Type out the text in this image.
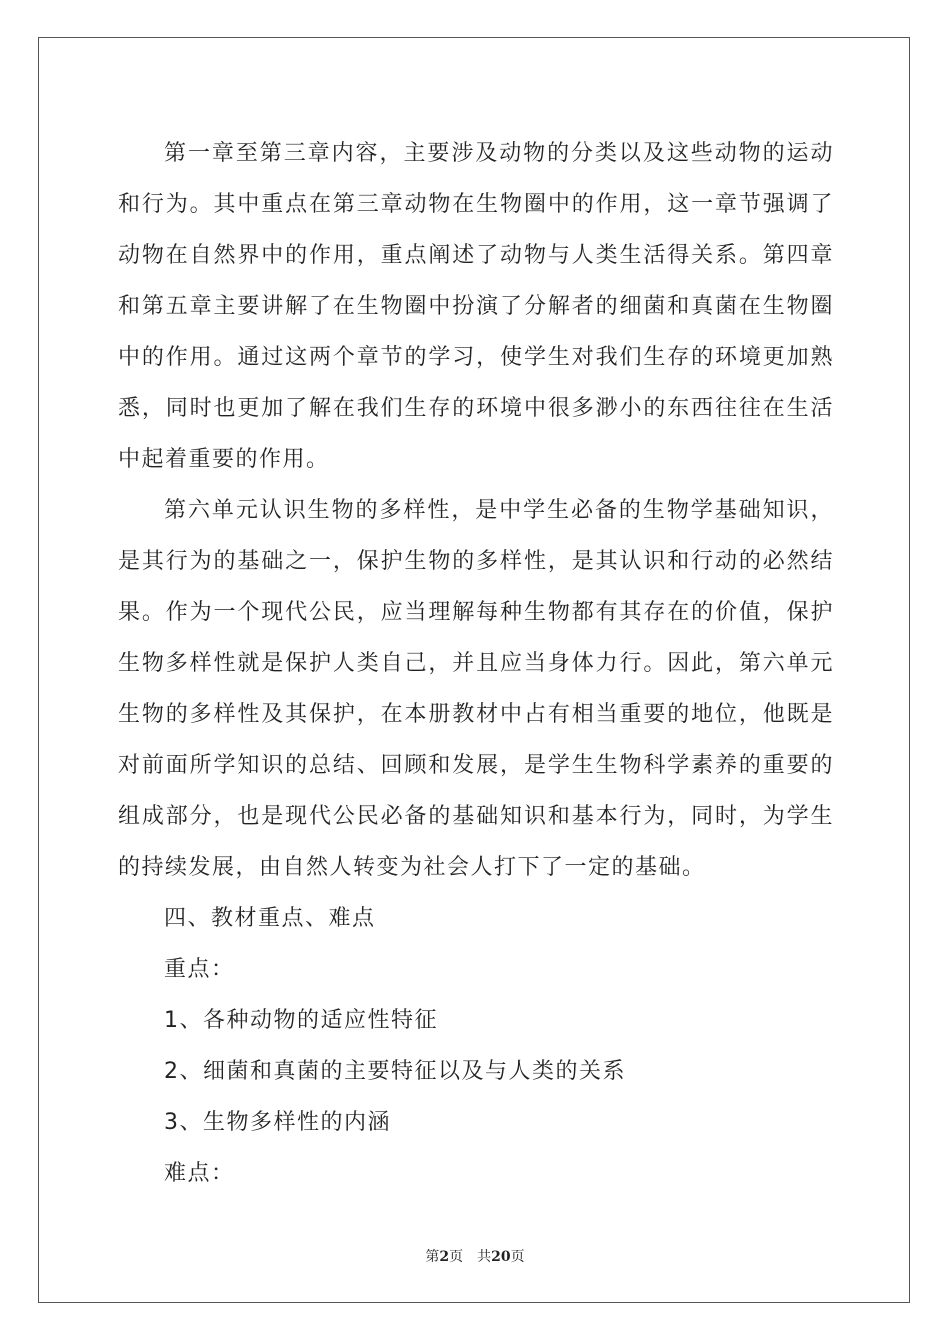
第一章至第三章内容，主要涉及动物的分类以及这些动物的运动和行为。其中重点在第三章动物在生物圈中的作用，这一章节强调了动物在自然界中的作用，重点阐述了动物与人类生活得关系。第四章和第五章主要讲解了在生物圈中扮演了分解者的细菌和真菌在生物圈中的作用。通过这两个章节的学习，使学生对我们生存的环境更加熟悉，同时也更加了解在我们生存的环境中很多渺小的东西往往在生活中起着重要的作用。

第六单元认识生物的多样性，是中学生必备的生物学基础知识，是其行为的基础之一，保护生物的多样性，是其认识和行动的必然结果。作为一个现代公民，应当理解每种生物都有其存在的价值，保护生物多样性就是保护人类自己，并且应当身体力行。因此，第六单元生物的多样性及其保护，在本册教材中占有相当重要的地位，他既是对前面所学知识的总结、回顾和发展，是学生生物科学素养的重要的组成部分，也是现代公民必备的基础知识和基本行为，同时，为学生的持续发展，由自然人转变为社会人打下了一定的基础。

四、教材重点、难点

重点：

1、各种动物的适应性特征

2、细菌和真菌的主要特征以及与人类的关系

3、生物多样性的内涵

难点：

第2页 共20页
